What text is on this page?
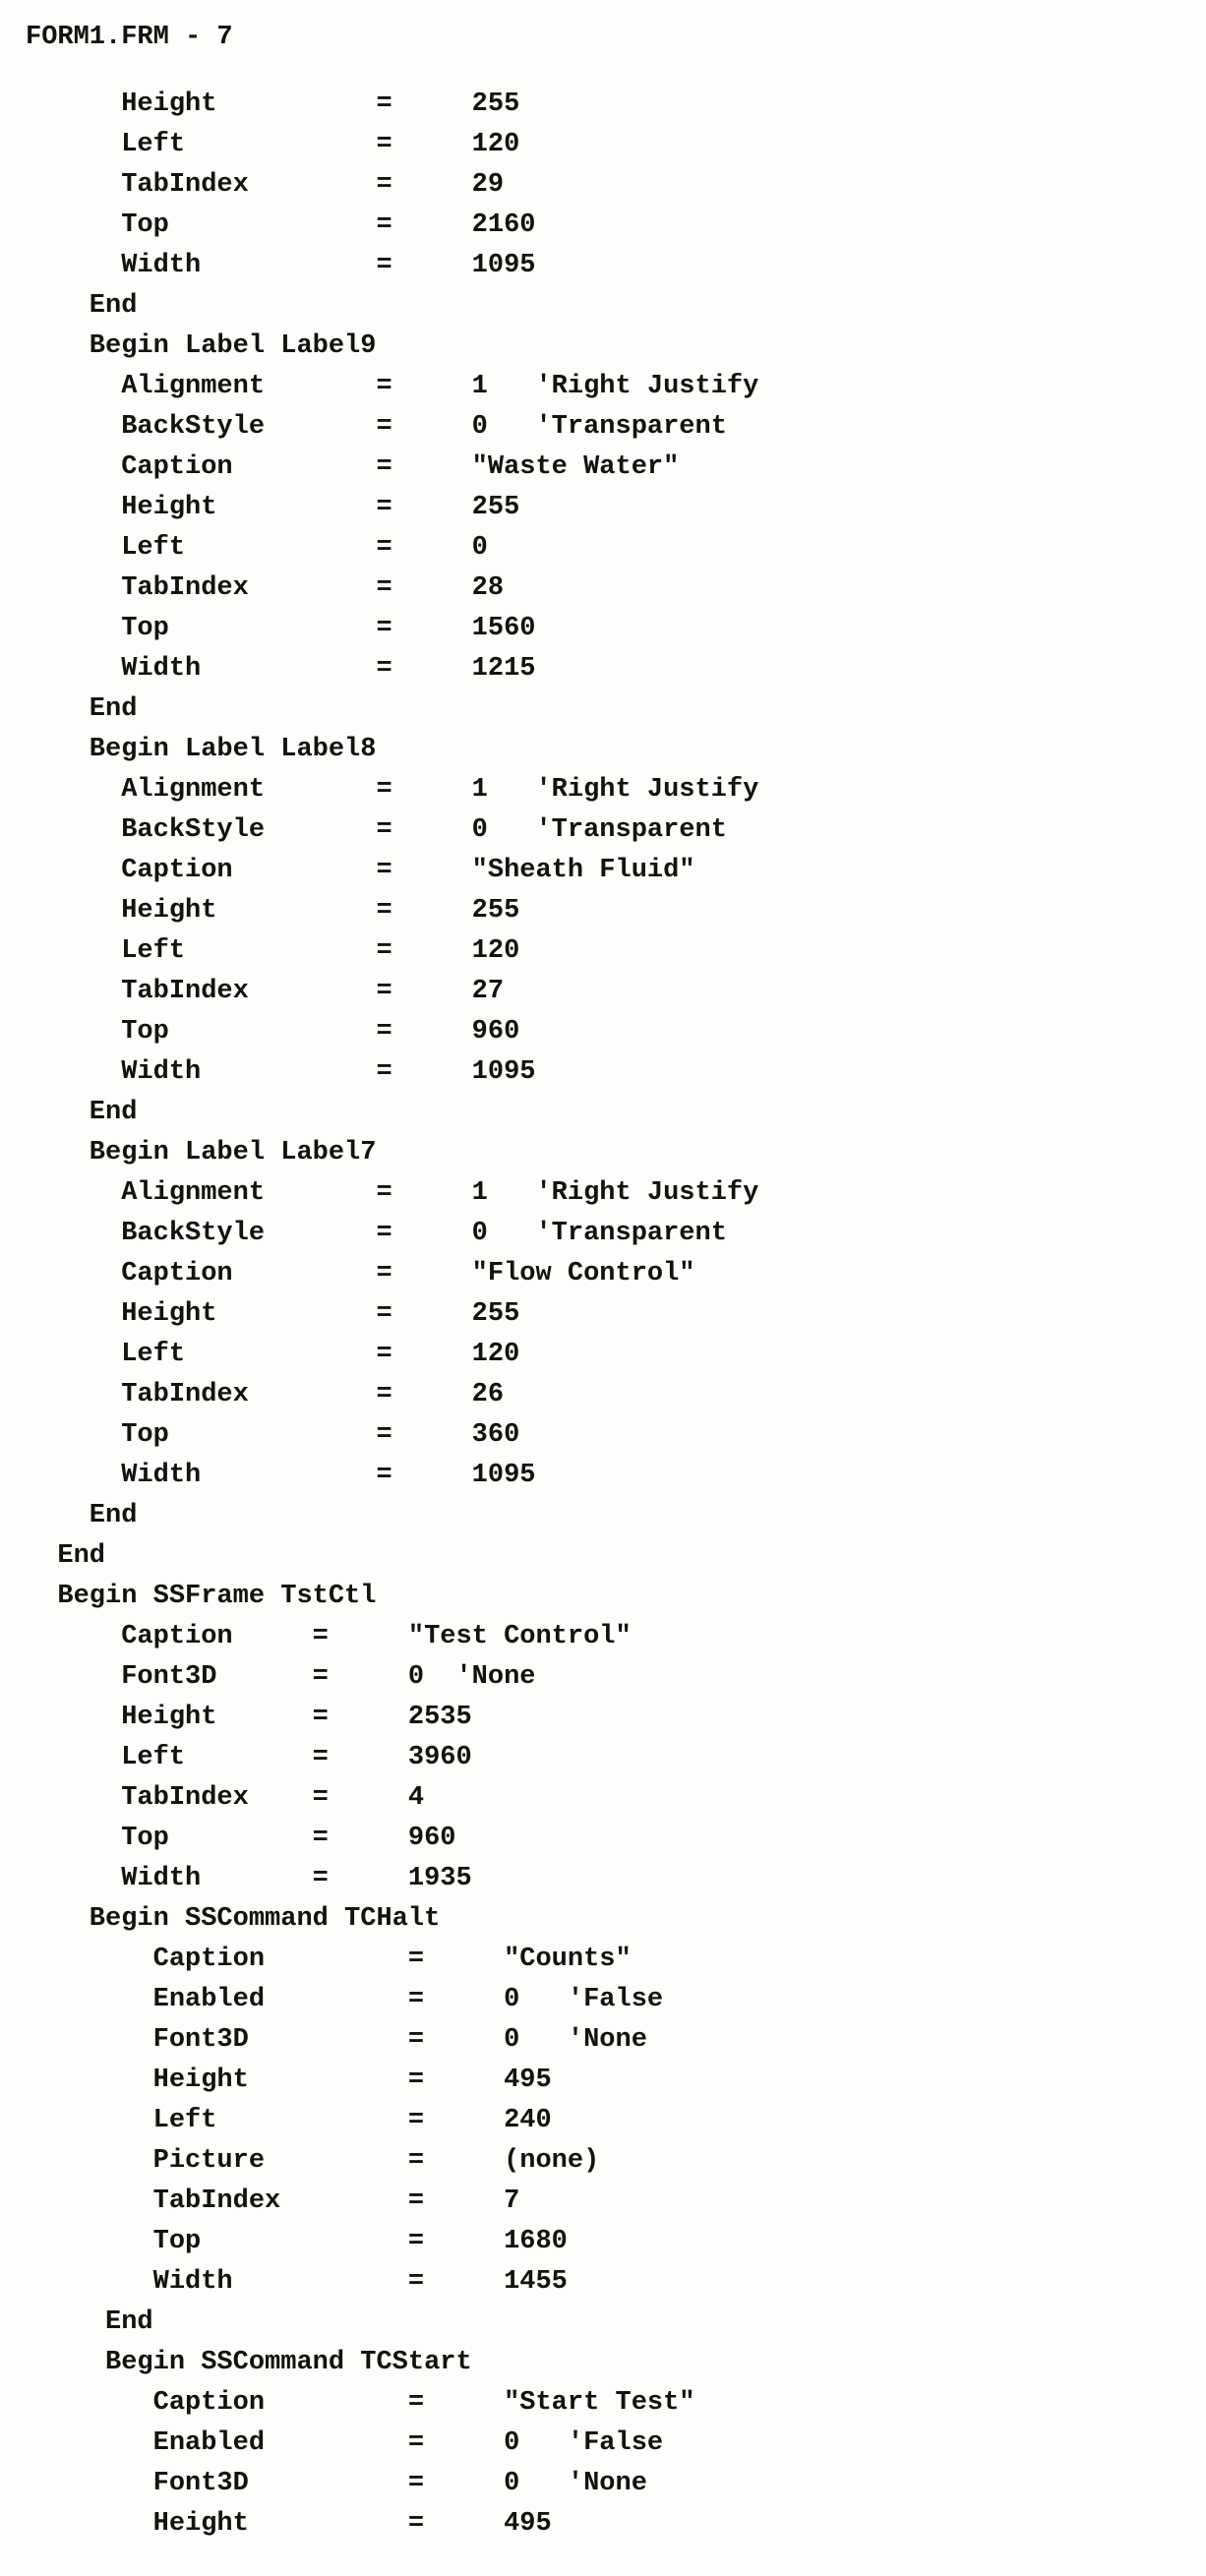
FORM1.FRM - 7
Height          =     255
Left            =     120
TabIndex        =     29
Top             =     2160
Width           =     1095
End
Begin Label Label9
Alignment       =     1   'Right Justify
BackStyle       =     0   'Transparent
Caption         =     "Waste Water"
Height          =     255
Left            =     0
TabIndex        =     28
Top             =     1560
Width           =     1215
End
Begin Label Label8
Alignment       =     1   'Right Justify
BackStyle       =     0   'Transparent
Caption         =     "Sheath Fluid"
Height          =     255
Left            =     120
TabIndex        =     27
Top             =     960
Width           =     1095
End
Begin Label Label7
Alignment       =     1   'Right Justify
BackStyle       =     0   'Transparent
Caption         =     "Flow Control"
Height          =     255
Left            =     120
TabIndex        =     26
Top             =     360
Width           =     1095
End
End
Begin SSFrame TstCtl
Caption     =     "Test Control"
Font3D      =     0  'None
Height      =     2535
Left        =     3960
TabIndex    =     4
Top         =     960
Width       =     1935
Begin SSCommand TCHalt
Caption         =     "Counts"
Enabled         =     0   'False
Font3D          =     0   'None
Height          =     495
Left            =     240
Picture         =     (none)
TabIndex        =     7
Top             =     1680
Width           =     1455
End
Begin SSCommand TCStart
Caption         =     "Start Test"
Enabled         =     0   'False
Font3D          =     0   'None
Height          =     495
